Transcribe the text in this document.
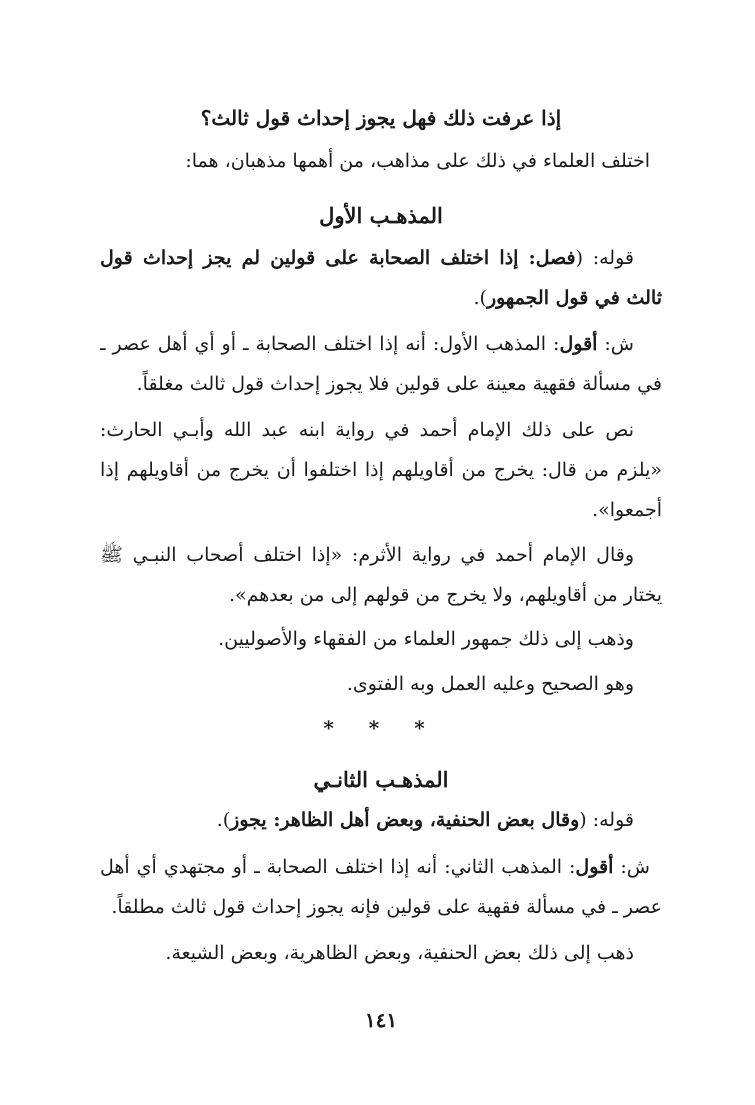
إذا عرفت ذلك فهل يجوز إحداث قول ثالث؟
اختلف العلماء في ذلك على مذاهب، من أهمها مذهبان، هما:
المذهـب الأول
قوله: (فصل: إذا اختلف الصحابة على قولين لم يجز إحداث قول ثالث في قول الجمهور).
ش: أقول: المذهب الأول: أنه إذا اختلف الصحابة ـ أو أي أهل عصر ـ في مسألة فقهية معينة على قولين فلا يجوز إحداث قول ثالث مغلقاً.
نص على ذلك الإمام أحمد في رواية ابنه عبد الله وأبـي الحارث: «يلزم من قال: يخرج من أقاويلهم إذا اختلفوا أن يخرج من أقاويلهم إذا أجمعوا».
وقال الإمام أحمد في رواية الأثرم: «إذا اختلف أصحاب النبـي ﷺ يختار من أقاويلهم، ولا يخرج من قولهم إلى من بعدهم».
وذهب إلى ذلك جمهور العلماء من الفقهاء والأصوليين.
وهو الصحيح وعليه العمل وبه الفتوى.
* * *
المذهـب الثانـي
قوله: (وقال بعض الحنفية، وبعض أهل الظاهر: يجوز).
ش: أقول: المذهب الثاني: أنه إذا اختلف الصحابة ـ أو مجتهدي أي أهل عصر ـ في مسألة فقهية على قولين فإنه يجوز إحداث قول ثالث مطلقاً.
ذهب إلى ذلك بعض الحنفية، وبعض الظاهرية، وبعض الشيعة.
١٤١
